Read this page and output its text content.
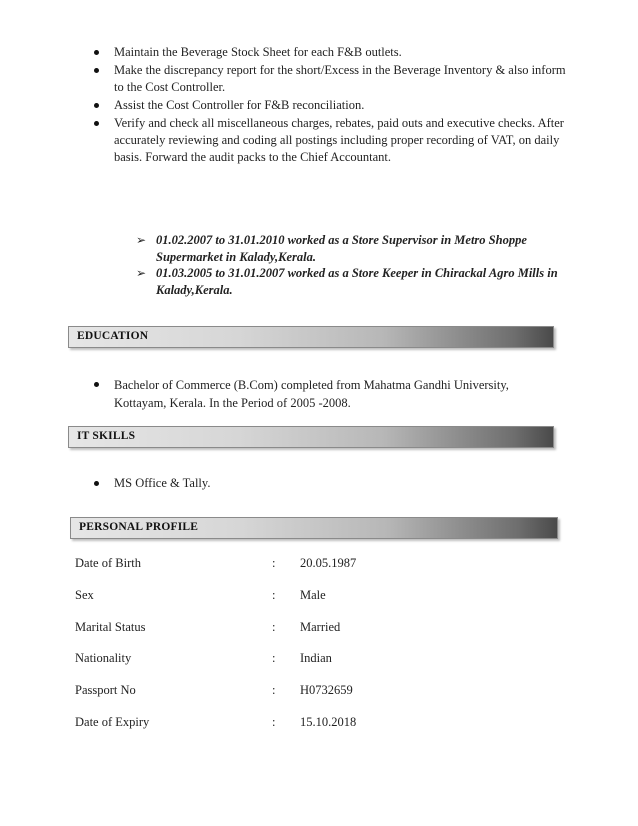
Maintain the Beverage Stock Sheet for each F&B outlets.
Make the discrepancy report for the short/Excess in the Beverage Inventory & also inform to the Cost Controller.
Assist the Cost Controller for F&B reconciliation.
Verify and check all miscellaneous charges, rebates, paid outs and executive checks. After accurately reviewing and coding all postings including proper recording of VAT, on daily basis. Forward the audit packs to the Chief Accountant.
➢ 01.02.2007 to 31.01.2010 worked as a Store Supervisor in Metro Shoppe Supermarket in Kalady,Kerala.
➢ 01.03.2005 to 31.01.2007 worked as a Store Keeper in Chirackal Agro Mills in Kalady,Kerala.
EDUCATION
Bachelor of Commerce (B.Com) completed from Mahatma Gandhi University, Kottayam, Kerala. In the Period of 2005 -2008.
IT SKILLS
MS Office & Tally.
PERSONAL PROFILE
Date of Birth	: 20.05.1987
Sex	: Male
Marital Status	: Married
Nationality	: Indian
Passport No	: H0732659
Date of Expiry	: 15.10.2018
